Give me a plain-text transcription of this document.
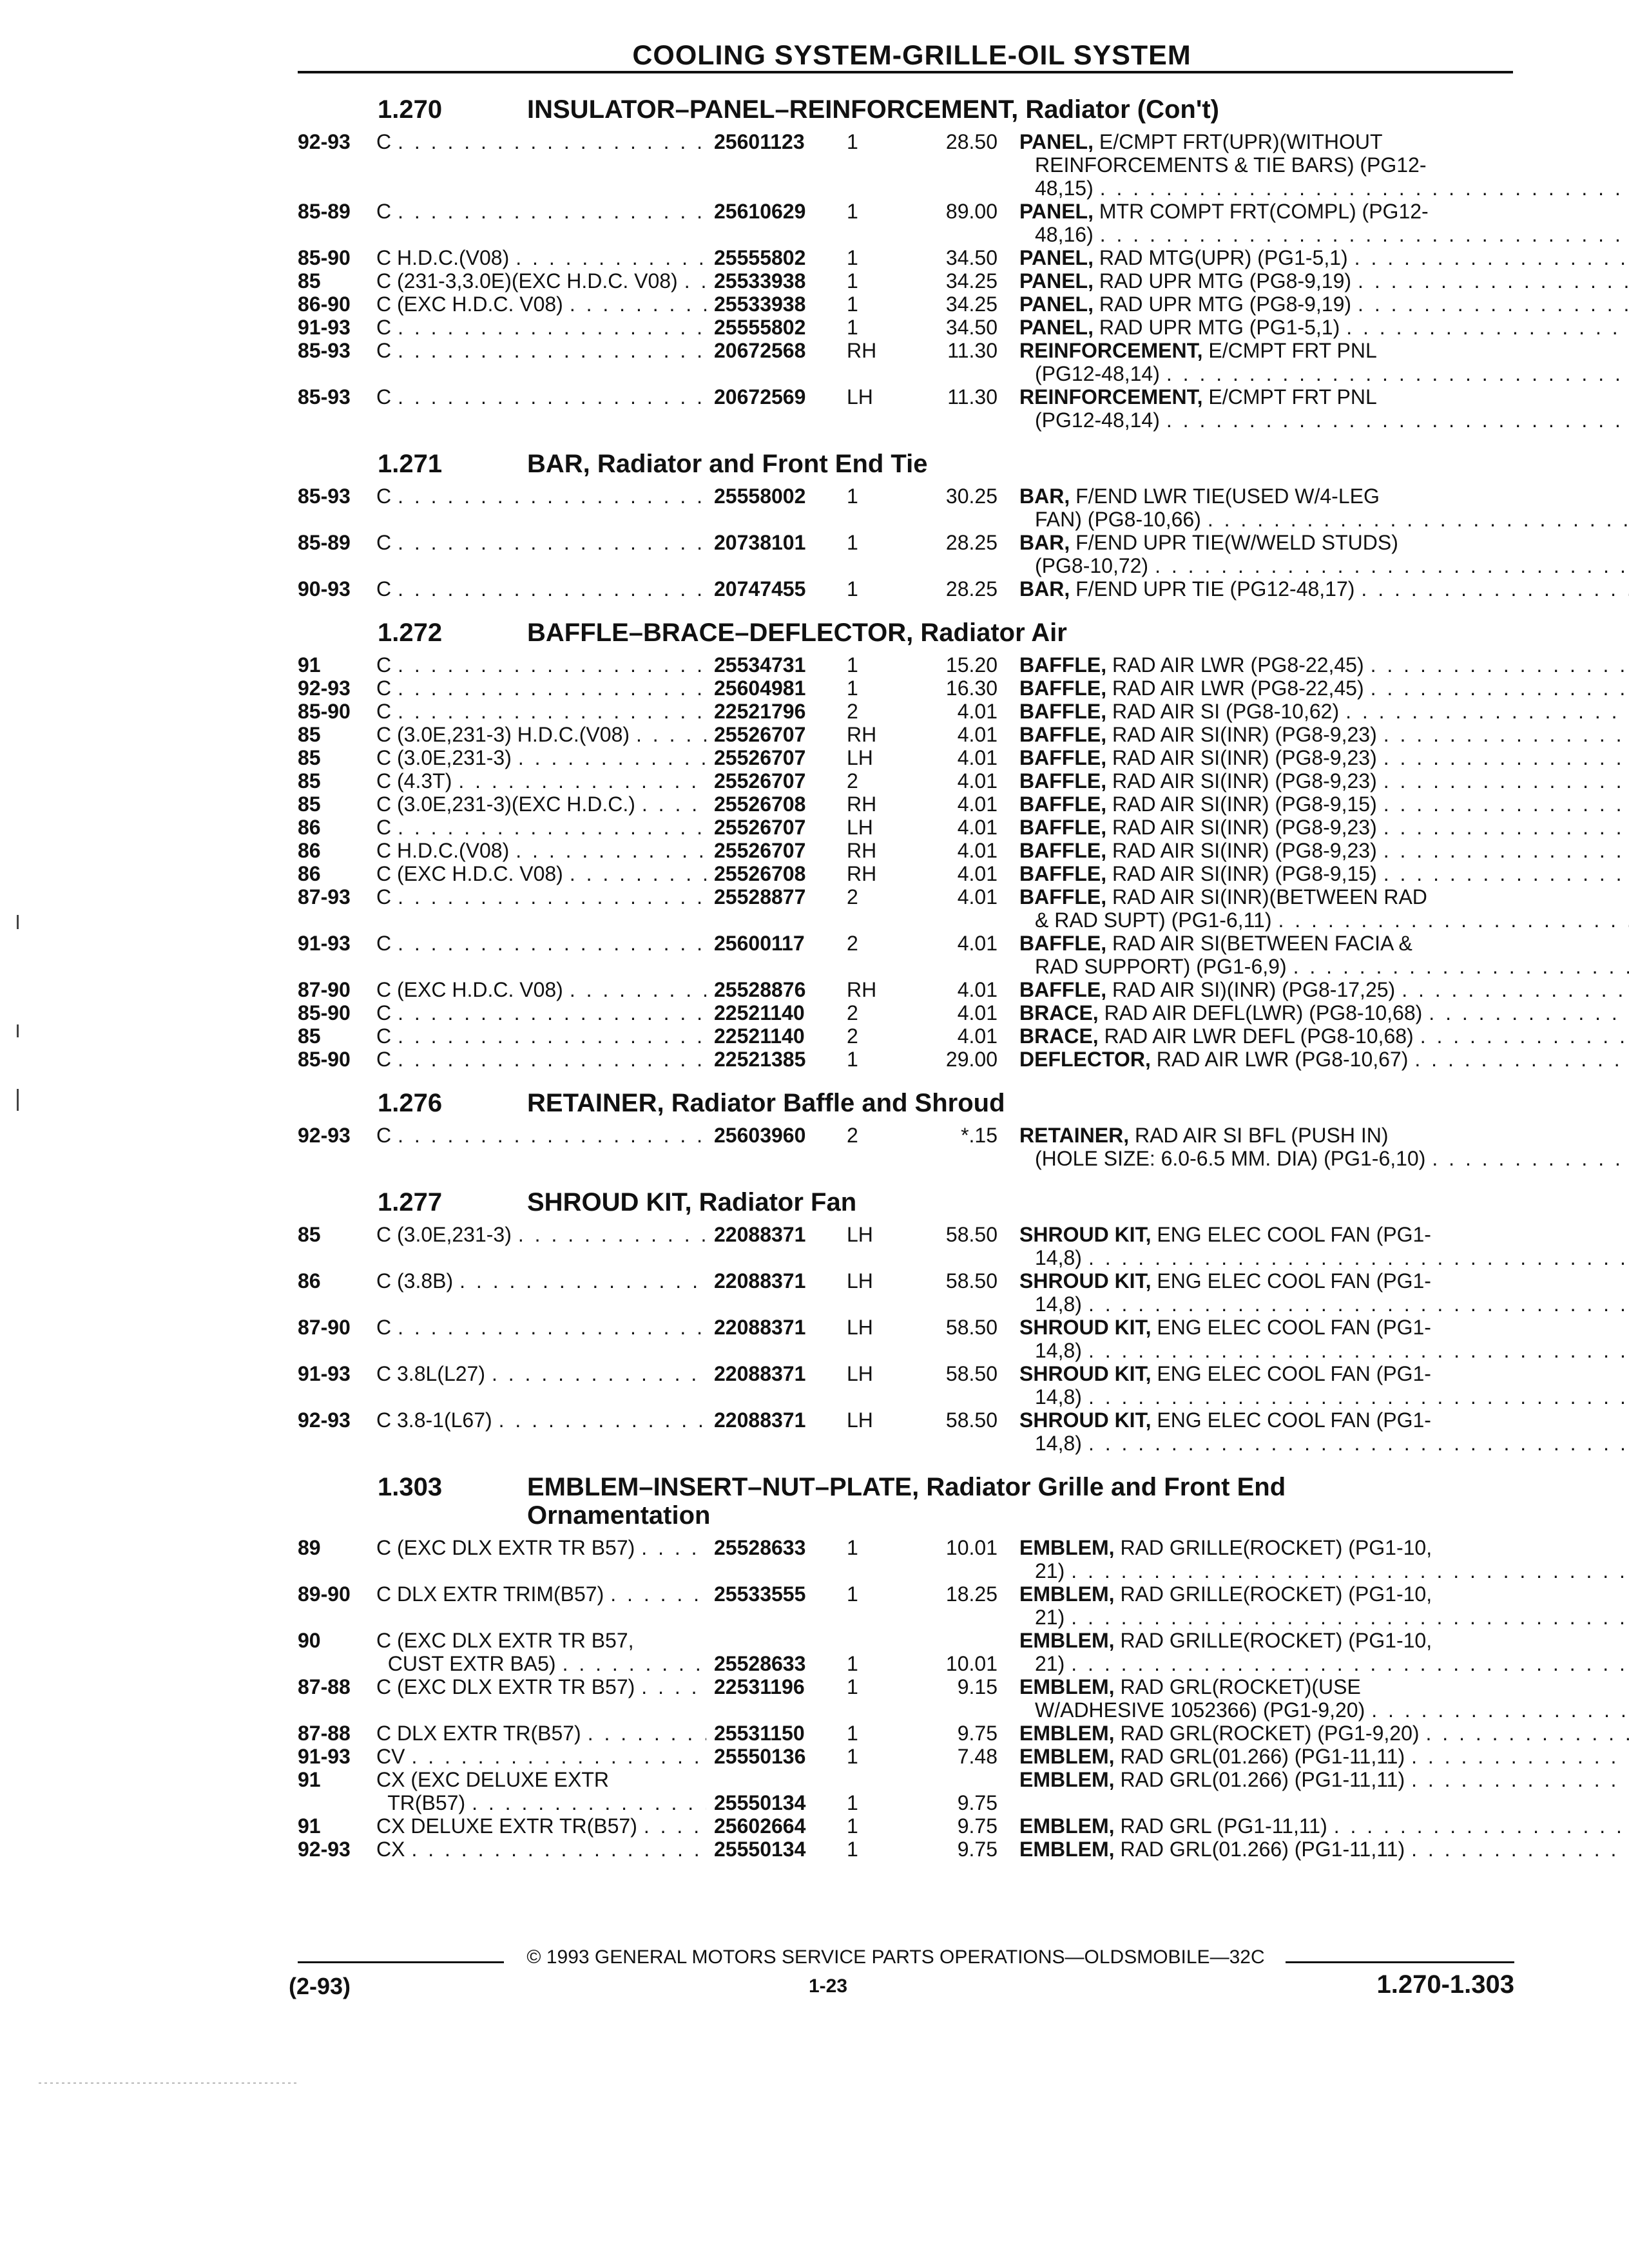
COOLING SYSTEM-GRILLE-OIL SYSTEM
1.270	INSULATOR–PANEL–REINFORCEMENT, Radiator (Con't)
92-93	C . . .	25601123 1	28.50 PANEL, E/CMPT FRT(UPR)(WITHOUT
REINFORCEMENTS & TIE BARS) (PG12-
48,15)
. . .
85-89	C . . .	25610629 1	89.00 PANEL, MTR COMPT FRT(COMPL) (PG12-
48,16)
. . .
85-90	C H.D.C.(V08) . . .	25555802 1	34.50 PANEL, RAD MTG(UPR) (PG1-5,1)
. . .
85	C (231-3,3.0E)(EXC H.D.C. V08) . . . 25533938 1	34.25 PANEL, RAD UPR MTG (PG8-9,19)
. . .
86-90	C (EXC H.D.C. V08) . . .	25533938 1	34.25 PANEL, RAD UPR MTG (PG8-9,19)
. . .
91-93	C . . .	25555802 1	34.50 PANEL, RAD UPR MTG (PG1-5,1)
. . .
85-93	C . . .	20672568 RH	11.30 REINFORCEMENT, E/CMPT FRT PNL
(PG12-48,14)
. . .
85-93	C . . .	20672569 LH	11.30 REINFORCEMENT, E/CMPT FRT PNL
(PG12-48,14)
. . .
1.271	BAR, Radiator and Front End Tie
85-93	C . . .	25558002 1	30.25 BAR, F/END LWR TIE(USED W/4-LEG
FAN) (PG8-10,66)
. . .
85-89	C . . .	20738101 1	28.25 BAR, F/END UPR TIE(W/WELD STUDS)
(PG8-10,72)
. . .
90-93	C . . .	20747455 1	28.25 BAR, F/END UPR TIE (PG12-48,17)
. . .
1.272	BAFFLE–BRACE–DEFLECTOR, Radiator Air
91	C . . .	25534731 1	15.20 BAFFLE, RAD AIR LWR (PG8-22,45)
. . .
92-93	C . . .	25604981 1	16.30 BAFFLE, RAD AIR LWR (PG8-22,45)
. . .
85-90	C . . .	22521796 2	4.01 BAFFLE, RAD AIR SI (PG8-10,62)
. . .
85	C (3.0E,231-3) H.D.C.(V08) . . .	25526707 RH	4.01 BAFFLE, RAD AIR SI(INR) (PG8-9,23)
. . .
85	C (3.0E,231-3) . . .	25526707 LH	4.01 BAFFLE, RAD AIR SI(INR) (PG8-9,23)
. . .
85	C (4.3T) . . .	25526707 2	4.01 BAFFLE, RAD AIR SI(INR) (PG8-9,23)
. . .
85	C (3.0E,231-3)(EXC H.D.C.) . . .	25526708 RH	4.01 BAFFLE, RAD AIR SI(INR) (PG8-9,15)
. . .
86	C . . .	25526707 LH	4.01 BAFFLE, RAD AIR SI(INR) (PG8-9,23)
. . .
86	C H.D.C.(V08) . . .	25526707 RH	4.01 BAFFLE, RAD AIR SI(INR) (PG8-9,23)
. . .
86	C (EXC H.D.C. V08) . . .	25526708 RH	4.01 BAFFLE, RAD AIR SI(INR) (PG8-9,15)
. . .
87-93	C . . .	25528877 2	4.01 BAFFLE, RAD AIR SI(INR)(BETWEEN RAD
& RAD SUPT) (PG1-6,11)
. . .
91-93	C . . .	25600117 2	4.01 BAFFLE, RAD AIR SI(BETWEEN FACIA &
RAD SUPPORT) (PG1-6,9)
. . .
87-90	C (EXC H.D.C. V08) . . .	25528876 RH	4.01 BAFFLE, RAD AIR SI)(INR) (PG8-17,25)
. . .
85-90	C . . .	22521140 2	4.01 BRACE, RAD AIR DEFL(LWR) (PG8-10,68)
. . .
85	C . . .	22521140 2	4.01 BRACE, RAD AIR LWR DEFL (PG8-10,68)
. . .
85-90	C . . .	22521385 1	29.00 DEFLECTOR, RAD AIR LWR (PG8-10,67)
. . .
1.276	RETAINER, Radiator Baffle and Shroud
92-93	C . . .	25603960 2	*.15 RETAINER, RAD AIR SI BFL (PUSH IN)
(HOLE SIZE: 6.0-6.5 MM. DIA) (PG1-6,10)
. . .
1.277	SHROUD KIT, Radiator Fan
85	C (3.0E,231-3) . . .	22088371 LH	58.50 SHROUD KIT, ENG ELEC COOL FAN (PG1-
14,8)
. . .
86	C (3.8B) . . .	22088371 LH	58.50 SHROUD KIT, ENG ELEC COOL FAN (PG1-
14,8)
. . .
87-90	C . . .	22088371 LH	58.50 SHROUD KIT, ENG ELEC COOL FAN (PG1-
14,8)
. . .
91-93	C 3.8L(L27) . . .	22088371 LH	58.50 SHROUD KIT, ENG ELEC COOL FAN (PG1-
14,8)
. . .
92-93	C 3.8-1(L67) . . .	22088371 LH	58.50 SHROUD KIT, ENG ELEC COOL FAN (PG1-
14,8)
. . .
1.303	EMBLEM–INSERT–NUT–PLATE, Radiator Grille and Front End
Ornamentation
89	C (EXC DLX EXTR TR B57) . . .	25528633 1	10.01 EMBLEM, RAD GRILLE(ROCKET) (PG1-10,
21)
. . .
89-90	C DLX EXTR TRIM(B57) . . .	25533555 1	18.25 EMBLEM, RAD GRILLE(ROCKET) (PG1-10,
21)
. . .
90	C (EXC DLX EXTR TR B57,
CUST EXTR BA5) . . .	25528633 1	10.01
EMBLEM, RAD GRILLE(ROCKET) (PG1-10,
21)
. . .
87-88	C (EXC DLX EXTR TR B57) . . .	22531196 1	9.15 EMBLEM, RAD GRL(ROCKET)(USE
W/ADHESIVE 1052366) (PG1-9,20)
. . .
87-88	C DLX EXTR TR(B57) . . .	25531150 1	9.75 EMBLEM, RAD GRL(ROCKET) (PG1-9,20)
. . .
91-93	CV . . .	25550136 1	7.48 EMBLEM, RAD GRL(01.266) (PG1-11,11)
. . .
91	CX (EXC DELUXE EXTR
TR(B57) . . .	25550134 1	9.75
EMBLEM, RAD GRL(01.266) (PG1-11,11)
. . .
91	CX DELUXE EXTR TR(B57) . . .	25602664 1	9.75 EMBLEM, RAD GRL (PG1-11,11)
. . .
92-93	CX . . .	25550134 1	9.75 EMBLEM, RAD GRL(01.266) (PG1-11,11)
. . .
© 1993 GENERAL MOTORS SERVICE PARTS OPERATIONS—OLDSMOBILE—32C
(2-93)	1-23	1.270-1.303
